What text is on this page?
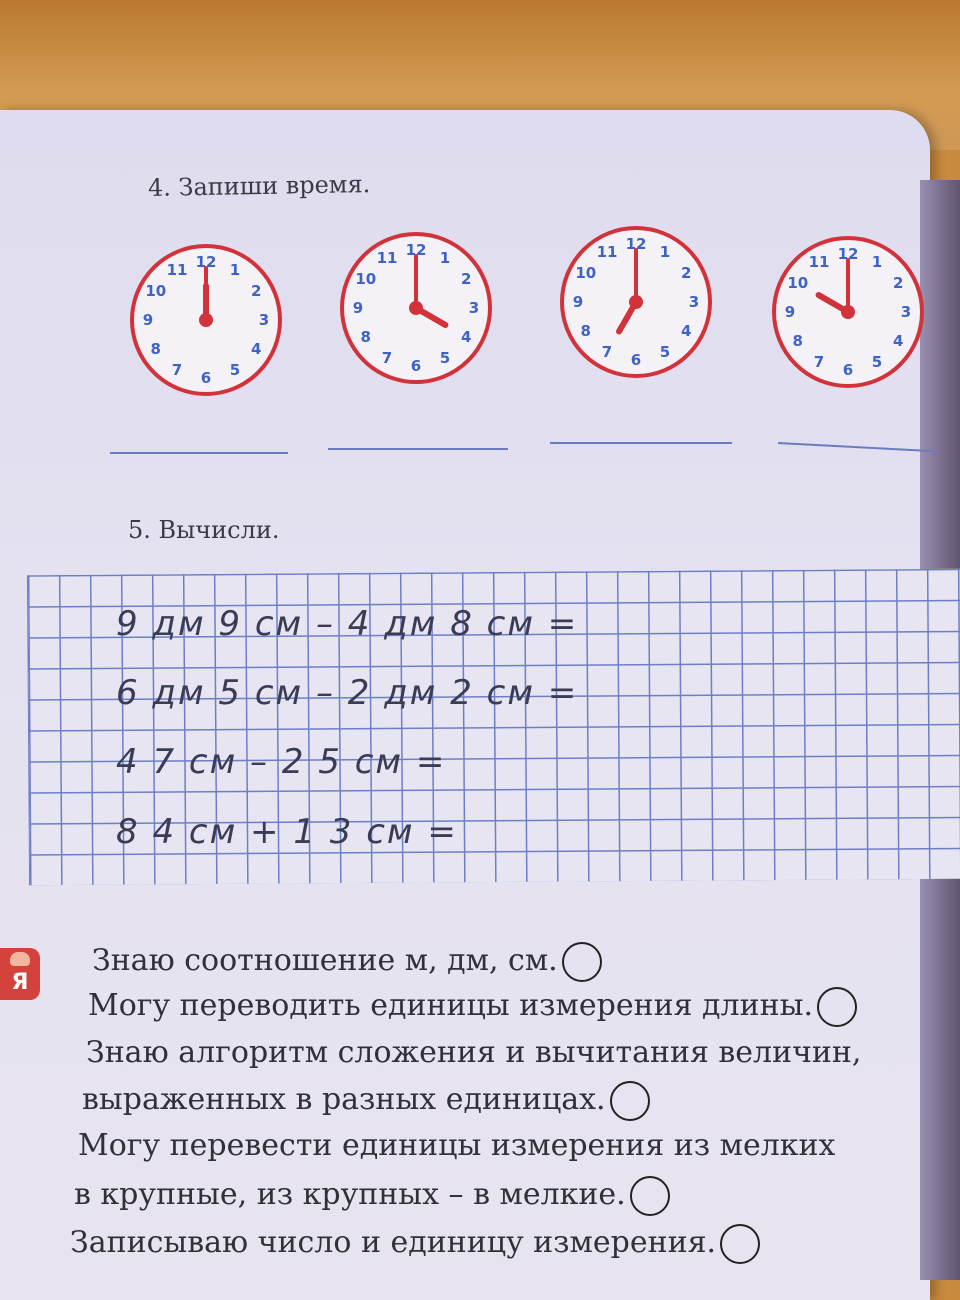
4. Запиши время.
12 1
2
3
4
5
6
7
8
9
10
11
12 1
2
3
4
5
6
7
8
9
10
11
12 1
2
3
4
5
6
7
8
9
10
11	12 1
2
3
4
5
6
7
8
9
10
11
5. Вычисли.
9 дм 9 см – 4 дм 8 см =
6 дм 5 см – 2 дм 2 см =
4 7 см – 2 5 см =
8 4 см + 1 3 см =
Я
Знаю соотношение м, дм, см.
Могу переводить единицы измерения длины.
Знаю алгоритм сложения и вычитания величин,
выраженных в разных единицах.
Могу перевести единицы измерения из мелких
в крупные, из крупных – в мелкие.
Записываю число и единицу измерения.
